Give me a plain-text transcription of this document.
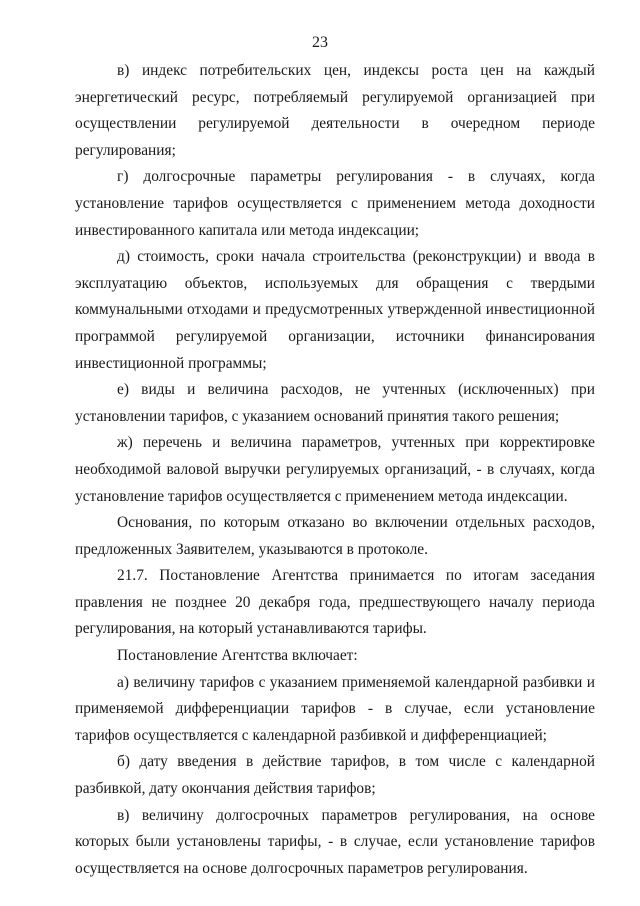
23

в) индекс потребительских цен, индексы роста цен на каждый энергетический ресурс, потребляемый регулируемой организацией при осуществлении регулируемой деятельности в очередном периоде регулирования;

г) долгосрочные параметры регулирования - в случаях, когда установление тарифов осуществляется с применением метода доходности инвестированного капитала или метода индексации;

д) стоимость, сроки начала строительства (реконструкции) и ввода в эксплуатацию объектов, используемых для обращения с твердыми коммунальными отходами и предусмотренных утвержденной инвестиционной программой регулируемой организации, источники финансирования инвестиционной программы;

е) виды и величина расходов, не учтенных (исключенных) при установлении тарифов, с указанием оснований принятия такого решения;

ж) перечень и величина параметров, учтенных при корректировке необходимой валовой выручки регулируемых организаций, - в случаях, когда установление тарифов осуществляется с применением метода индексации.

Основания, по которым отказано во включении отдельных расходов, предложенных Заявителем, указываются в протоколе.

21.7. Постановление Агентства принимается по итогам заседания правления не позднее 20 декабря года, предшествующего началу периода регулирования, на который устанавливаются тарифы.

Постановление Агентства включает:

а) величину тарифов с указанием применяемой календарной разбивки и применяемой дифференциации тарифов - в случае, если установление тарифов осуществляется с календарной разбивкой и дифференциацией;

б) дату введения в действие тарифов, в том числе с календарной разбивкой, дату окончания действия тарифов;

в) величину долгосрочных параметров регулирования, на основе которых были установлены тарифы, - в случае, если установление тарифов осуществляется на основе долгосрочных параметров регулирования.
